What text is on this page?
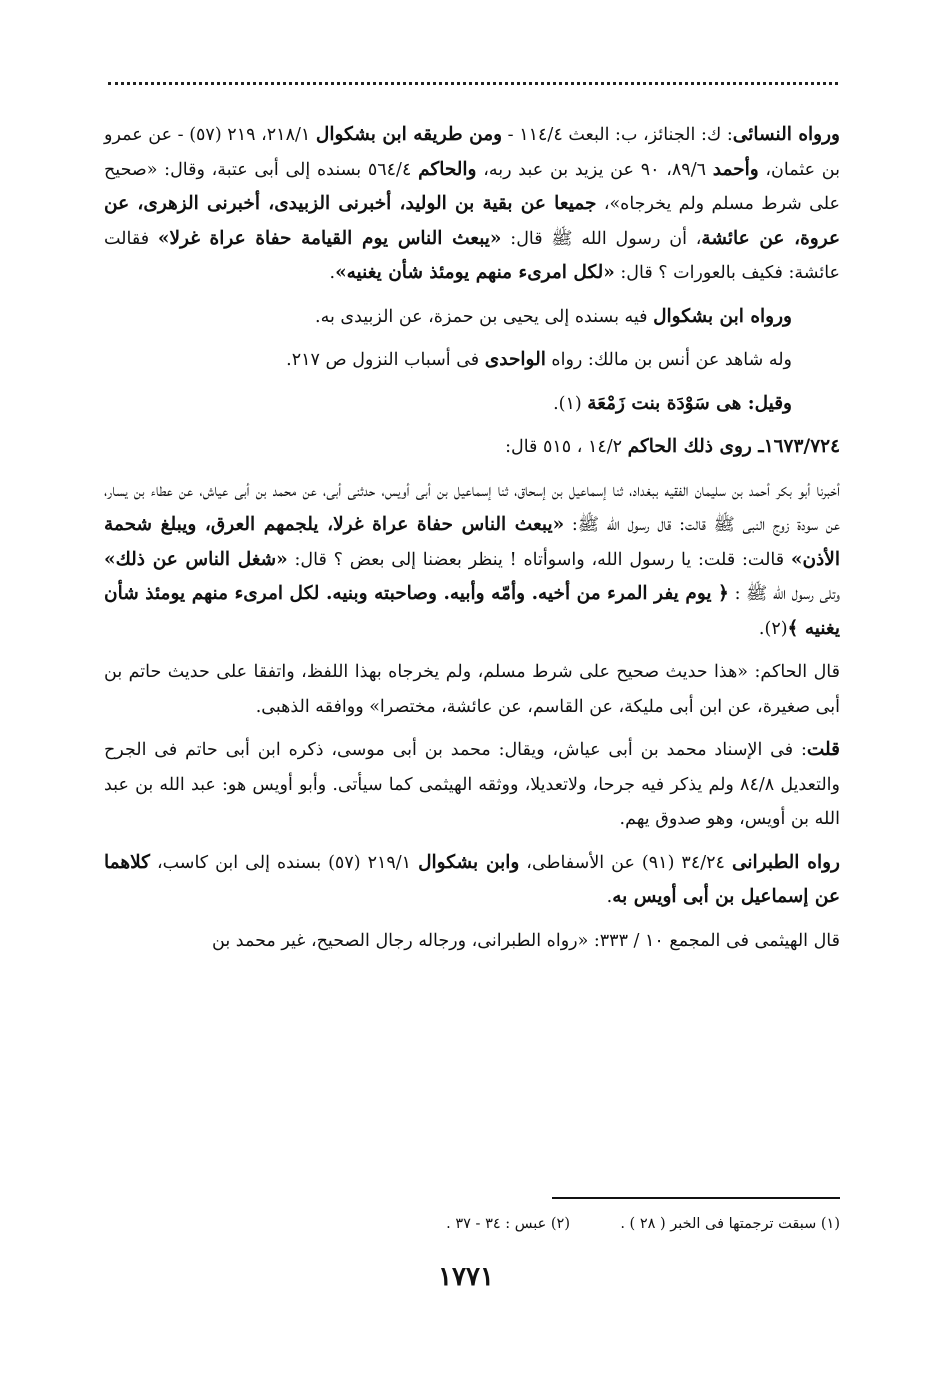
ورواه النسائى: ك: الجنائز، ب: البعث ١١٤/٤ - ومن طريقه ابن بشكوال ٢١٨/١، ٢١٩ (٥٧) - عن عمرو بن عثمان، وأحمد ٨٩/٦، ٩٠ عن يزيد بن عبد ربه، والحاكم ٥٦٤/٤ بسنده إلى أبى عتبة، وقال: «صحيح على شرط مسلم ولم يخرجاه»، جميعا عن بقية بن الوليد، أخبرنى الزبيدى، أخبرنى الزهرى، عن عروة، عن عائشة، أن رسول الله ﷺ قال: «يبعث الناس يوم القيامة حفاة عراة غرلا» فقالت عائشة: فكيف بالعورات ؟ قال: «لكل امرىء منهم يومئذ شأن يغنيه».

ورواه ابن بشكوال فيه بسنده إلى يحيى بن حمزة، عن الزبيدى به.

وله شاهد عن أنس بن مالك: رواه الواحدى فى أسباب النزول ص ٢١٧.

وقيل: هى سَوْدَة بنت زَمْعَة (١).

١٦٧٣/٧٢٤ـ روى ذلك الحاكم ١٤/٢ ، ٥١٥ قال:

أخبرنا أبو بكر أحمد بن سليمان الفقيه ببغداد، ثنا إسماعيل بن إسحاق، ثنا إسماعيل بن أبى أويس، حدثنى أبى، عن محمد بن أبى عياش، عن عطاء بن يسار، عن سودة زوج النبى ﷺ قالت: قال رسول الله ﷺ: «يبعث الناس حفاة عراة غرلا، يلجمهم العرق، ويبلغ شحمة الأذن» قالت: قلت: يا رسول الله، واسوأتاه ! ينظر بعضنا إلى بعض ؟ قال: «شغل الناس عن ذلك» وتلى رسول الله ﷺ : ﴿ يوم يفر المرء من أخيه. وأمّه وأبيه. وصاحبته وبنيه. لكل امرىء منهم يومئذ شأن يغنيه ﴾(٢).

قال الحاكم: «هذا حديث صحيح على شرط مسلم، ولم يخرجاه بهذا اللفظ، واتفقا على حديث حاتم بن أبى صغيرة، عن ابن أبى مليكة، عن القاسم، عن عائشة، مختصرا» ووافقه الذهبى.

قلت: فى الإسناد محمد بن أبى عياش، ويقال: محمد بن أبى موسى، ذكره ابن أبى حاتم فى الجرح والتعديل ٨٤/٨ ولم يذكر فيه جرحا، ولاتعديلا، ووثقه الهيثمى كما سيأتى. وأبو أويس هو: عبد الله بن عبد الله بن أويس، وهو صدوق يهم.

رواه الطبرانى ٣٤/٢٤ (٩١) عن الأسفاطى، وابن بشكوال ٢١٩/١ (٥٧) بسنده إلى ابن كاسب، كلاهما عن إسماعيل بن أبى أويس به.

قال الهيثمى فى المجمع ١٠ / ٣٣٣: «رواه الطبرانى، ورجاله رجال الصحيح، غير محمد بن

(١) سبقت ترجمتها فى الخبر ( ٢٨ ) .
(٢) عبس : ٣٤ - ٣٧ .
١٧٧١
